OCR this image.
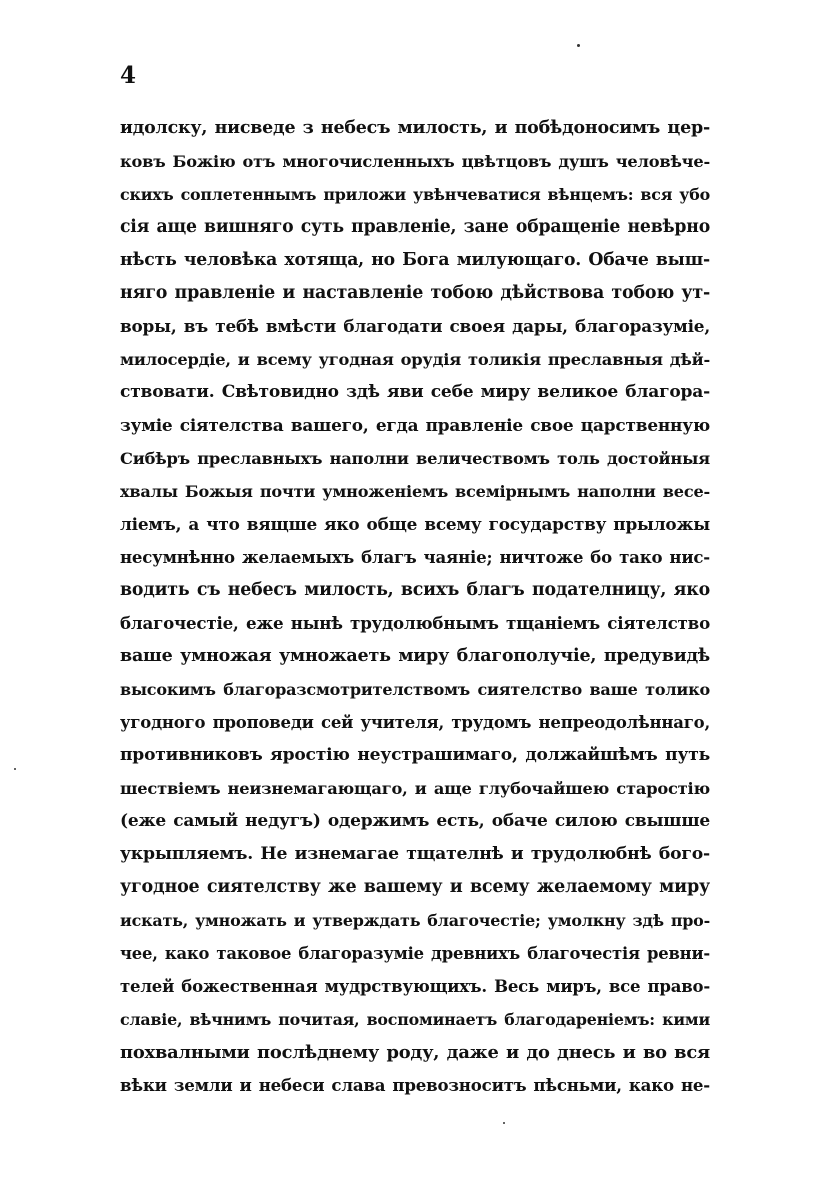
4
идолску, нисведе з небесъ милость, и побѣдоносимъ цер-
ковъ Божію отъ многочисленныхъ цвѣтцовъ душъ человѣче-
скихъ соплетеннымъ приложи увѣнчеватися вѣнцемъ: вся убо
сія аще вишняго суть правленіе, зане обращеніе невѣрно
нѣсть человѣка хотяща, но Бога милующаго. Обаче выш-
няго правленіе и наставленіе тобою дѣйствова тобою ут-
воры, въ тебѣ вмѣсти благодати своея дары, благоразуміе,
милосердіе, и всему угодная орудія толикія преславныя дѣй-
ствовати. Свѣтовидно здѣ яви себе миру великое благора-
зуміе сіятелства вашего, егда правленіе свое царственную
Сибѣръ преславныхъ наполни величествомъ толь достойныя
хвалы Божыя почти умноженіемъ всемірнымъ наполни весе-
ліемъ, а что вящше яко обще всему государству прыложы
несумнѣнно желаемыхъ благъ чаяніе; ничтоже бо тако нис-
водить съ небесъ милость, всихъ благъ подателницу, яко
благочестіе, еже нынѣ трудолюбнымъ тщаніемъ сіятелство
ваше умножая умножаеть миру благополучіе, предувидѣ
высокимъ благоразсмотрителствомъ сиятелство ваше толико
угодного проповеди сей учителя, трудомъ непреодолѣннаго,
противниковъ яростію неустрашимаго, должайшѣмъ путь
шествіемъ неизнемагающаго, и аще глубочайшею старостію
(еже самый недугъ) одержимъ есть, обаче силою свышше
укрыпляемъ. Не изнемагае тщателнѣ и трудолюбнѣ бого-
угодное сиятелству же вашему и всему желаемому миру
искать, умножать и утверждать благочестіе; умолкну здѣ про-
чее, како таковое благоразуміе древнихъ благочестія ревни-
телей божественная мудрствующихъ. Весь миръ, все право-
славіе, вѣчнимъ почитая, воспоминаетъ благодареніемъ: кими
похвалными послѣднему роду, даже и до днесь и во вся
вѣки земли и небеси слава превозноситъ пѣсньми, како не-
